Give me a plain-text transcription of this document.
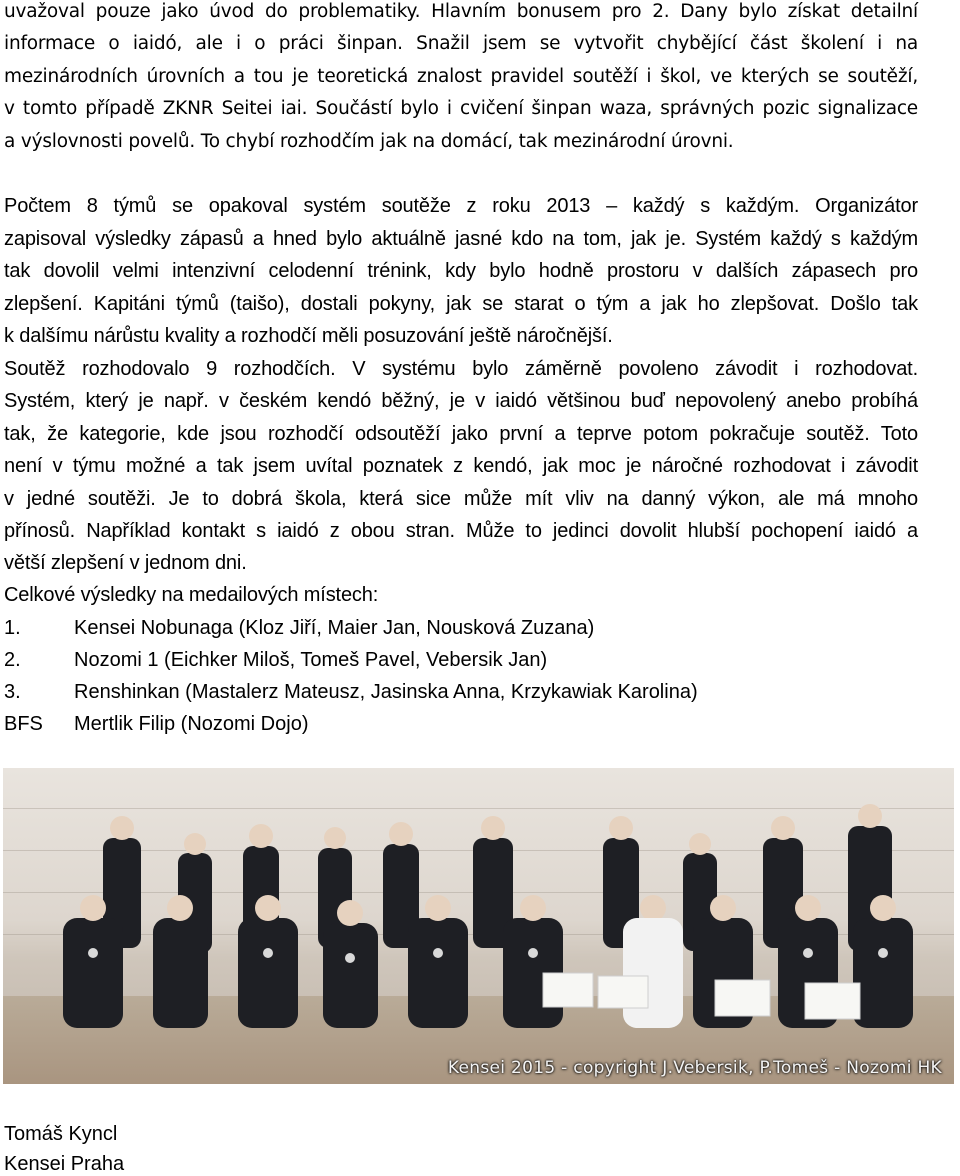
uvažoval pouze jako úvod do problematiky. Hlavním bonusem pro 2. Dany bylo získat detailní
informace o iaidó, ale i o práci šinpan. Snažil jsem se vytvořit chybějící část školení i na
mezinárodních úrovních a tou je teoretická znalost pravidel soutěží i škol, ve kterých se soutěží,
v tomto případě ZKNR Seitei iai. Součástí bylo i cvičení šinpan waza, správných pozic signalizace
a výslovnosti povelů. To chybí rozhodčím jak na domácí, tak mezinárodní úrovni.
Počtem 8 týmů se opakoval systém soutěže z roku 2013 – každý s každým. Organizátor
zapisoval výsledky zápasů a hned bylo aktuálně jasné kdo na tom, jak je. Systém každý s každým
tak dovolil velmi intenzivní celodenní trénink, kdy bylo hodně prostoru v dalších zápasech pro
zlepšení. Kapitáni týmů (taišo), dostali pokyny, jak se starat o tým a jak ho zlepšovat. Došlo tak
k dalšímu nárůstu kvality a rozhodčí měli posuzování ještě náročnější.
Soutěž rozhodovalo 9 rozhodčích. V systému bylo záměrně povoleno závodit i rozhodovat.
Systém, který je např. v českém kendó běžný, je v iaidó většinou buď nepovolený anebo probíhá
tak, že kategorie, kde jsou rozhodčí odsoutěží jako první a teprve potom pokračuje soutěž. Toto
není v týmu možné a tak jsem uvítal poznatek z kendó, jak moc je náročné rozhodovat i závodit
v jedné soutěži. Je to dobrá škola, která sice může mít vliv na danný výkon, ale má mnoho
přínosů. Například kontakt s iaidó z obou stran. Může to jedinci dovolit hlubší pochopení iaidó a
větší zlepšení v jednom dni.
Celkové výsledky na medailových místech:
1.	Kensei Nobunaga (Kloz Jiří, Maier Jan, Nousková Zuzana)
2.	Nozomi 1 (Eichker Miloš, Tomeš Pavel, Vebersik Jan)
3.	Renshinkan (Mastalerz Mateusz, Jasinska Anna, Krzykawiak Karolina)
BFS Mertlik Filip (Nozomi Dojo)
Kensei 2015 - copyright J.Vebersik, P.Tomeš - Nozomi HK
Tomáš Kyncl
Kensei Praha
